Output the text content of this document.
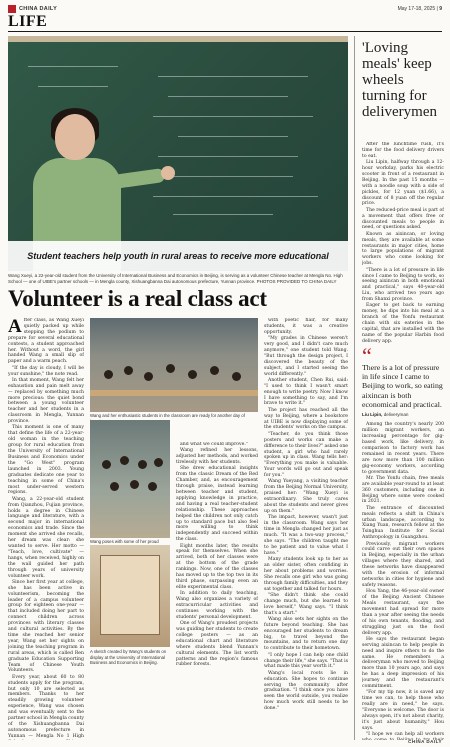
CHINA DAILY	May 17-18, 2025 | 9
LIFE
Student teachers help youth in rural areas to receive more educational
Wang Xueyi, a 22-year-old student from the University of International Business and Economics in Beijing, is serving as a volunteer Chinese teacher at Mengla No. High School — one of UIBE's partner schools — in Mengla county, Xishuangbanna Dai autonomous prefecture, Yunnan province. PHOTOS PROVIDED TO CHINA DAILY
Volunteer is a real class act

After class, as Wang Xueyi quietly packed up while stepping the podium to prepare for several educational contests, a student approached her. Without a word, the girl handed Wang a small slip of paper and a warm peach.

"If the day is cloudy, I will be your sunshine," the note read.

In that moment, Wang felt her exhaustion and pain melt away — replaced by something much more precious: the quiet bond between a young volunteer teacher and her students in a classroom in Mengla, Yunnan province.

This moment is one of many that define the life of a 22-year-old woman in the teaching group for rural education from the University of International Business and Economics under the "Go West" program launched in 2003. Young graduates dedicate one year to teaching in some of China's most under-served western regions.

Wang, a 22-year-old student from Qianzhou, Fujian province, holds a degree in Chinese language and literature, with a second major in international economics and trade. Since the moment she arrived she recalls, her dream was clear: she wanted to serve. Her motto — "Teach, love, cultivate" — hangs, when received, highly on the wall guided her path through years of university volunteer work.

Since her first year at college, she has been active in volunteerism, becoming the leader of a campus volunteer group for eighteen one-year — that included doing her part to connect children across provinces with literary classes and cultural activities. By the time she reached her senior year, Wang set her sights on joining the teaching program in rural areas, which is called Ren graduate Education Supporting Team of Chinese Youth Volunteers.

Every year, about 60 to 80 students apply for the program, but only 10 are selected as members. Thanks to her steadily growing volunteer experience, Wang was chosen and was eventually sent to the partner school in Mengla county of the Xishuangbanna Dai autonomous prefecture in Yunnan — Mengla No 1 High

Wang and her enthusiastic students in the classroom are ready for another day of
Wang poses with some of her proud
A sketch created by Wang's students on display at the University of International Business and Economics in Beijing.

and what we could improve."

Wang refined her lessons, adjusted her methods, and worked tirelessly with her students.

She drew educational insights from the classic Dream of the Red Chamber, and, as encouragement through praise, instead learning between teacher and student, applying knowledge in practice, and having a real teacher-student relationship. These approaches helped the children not only catch up to standard pace but also feel more willing to think independently and succeed within the class.

Eight months later, the results speak for themselves. When she arrived, both of her classes were at the bottom of the grade rankings. Now, one of the classes has moved up to the top two in its third phase, surpassing even an elite experimental class.

In addition to daily teaching, Wang also organizes a variety of extracurricular activities and continues working with the students' personal development.

One of Wang's proudest projects was guiding her students to create college posters — as an educational chart and literature where students blend Yunnan's cultural elements. The list worth patterns and the region's famous rubber forests.

with poetic flair, for many students, it was a creative opportunity.

"My grades in Chinese weren't very good, and I didn't care much anymore," one student told Wang. "But through the design project, I discovered the beauty of the subject, and I started seeing the world differently."

Another student, Chen Rui, said: "I used to think I wasn't smart enough to write poetry. Now I know I have something to say, and I'm brave to write it."

The project has reached all the way to Beijing, where a bookstore at UIBE is now displaying some of the students' works on the campus.

"Teacher, do you think those posters and works can make a difference to their lives?" asked one student, a girl who had rarely spoken up in class. Wang tells her: "Everything you make is valuable. Your words will go out and speak for you."

Wang Yueyang, a visiting teacher from the Beijing Normal University, praised her: "Wang Xueyi is extraordinary. She truly cares about the students and never gives up on them."

The impact, however, wasn't just in the classroom. Wang says her time in Mengla changed her just as much. "It was a two-way process," she says. "The children taught me to be patient and to value what I have."

Many students look up to her as an older sister, often confiding in her about problems and worries. She recalls one girl who was going through family difficulties, and they sat together and talked for hours.

"She didn't think she could change much, but she learned to love herself," Wang says. "I think that's a start."

Wang also sets her sights on the future beyond teaching. She has encouraged her students to dream big, to travel beyond the mountains, and to return one day to contribute to their hometown.

"I only hope I can help one child change their life," she says. "That is what made this year worth it."

Wang's local roots lie in education. She hopes to continue serving the community after graduation. "I think once you have seen the world outside, you realize how much work still needs to be done."

'Loving meals' keep wheels turning for deliverymen

After the lunchtime rush, it's time for the food delivery drivers to eat.

Liu Lipin, halfway through a 12-hour workday, parks his electric scooter in front of a restaurant in Beijing. In the past 15 months — with a noodle soup with a side of pickles, for 12 yuan ($1.66), a discount of 8 yuan off the regular price.

The reduced-price meal is part of a movement that offers free or discounted meals to people in need, or questions asked.

Known as aixincan, or loving meals, they are available at some restaurants in major cities, home to large populations of migrant workers who come looking for jobs.

"There is a lot of pressure in life since I came to Beijing to work, so seeing aixincan in both emotional and practical," says 40-year-old Liu, who arrived two years ago from Shanxi province.

Eager to get back to earning money, he dips into his meal at a branch of the Yonfu restaurant chain with six eateries in the capital, that are installed with the name of the popular Harbin food delivery app.

“

There is a lot of pressure in life since I came to Beijing to work, so eating aixincan is both economical and practical.

Liu Lipin, deliveryman

Among the country's nearly 200 million migrant workers, an increasing percentage for gig-based work, like delivery, in comparison to factory work has remained in recent years. There are now more than 100 million gig-economy workers, according to government data.

Mr. The Yonfu chain, free meals are available year-round to at least 360 customers, including one in Beijing where some were cooked in 2021.

The entrance of discounted meals reflects a shift in China's urban landscape, according to Xiang Yuan, research fellow at the Tsinghua Institute for Social Anthropology in Guangzhou.

Previously, migrant workers could carve out their own spaces in Beijing, especially in the urban villages where they shared, and these networks have disappeared with the erosion of informal networks in cities for hygiene and safety reasons.

Hou Yang, the 46-year-old owner of the Beijing Ancient Chinese Meals restaurant, says the movement had spread for more than a year after seeing the needs of his own tenants, flooding, and struggling just on the food delivery app.

He says the restaurant began serving aixincan to help people in need and inspire others to do the same. He remembers a deliveryman who moved to Beijing more than 10 years ago, and says he has a deep impression of his journey and the restaurant's commitment.

"For my tip now, it is saved any time we can, to help those who really are in need," he says. "Everyone is welcome. The door is always open, it's not about charity, it's just about humanity," Hou says.

"I hope we can help all workers

CHINA DAILY
